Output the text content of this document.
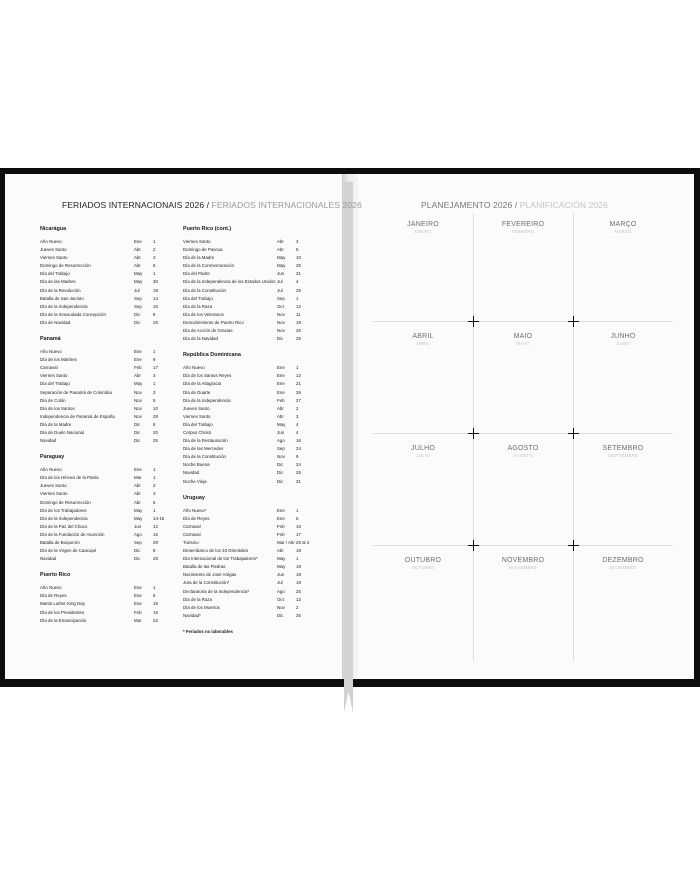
FERIADOS INTERNACIONAIS 2026 / FERIADOS INTERNACIONALES 2026
Nicarágua
Año Nuevo	Ene	1
Jueves Santo	Abr	2
Viernes Santo	Abr	3
Domingo de Resurrección	Abr	5
Día del Trabajo	May	1
Día de las Madres	May	30
Día de la Revolución	Jul	19
Batalla de San Jacinto	Sep	14
Día de la Independencia	Sep	15
Día de la Inmaculada Concepción	Dic	8
Día de Navidad	Dic	25
Panamá
Año Nuevo	Ene	1
Día de los Mártires	Ene	9
Carnaval	Feb	17
Viernes Santo	Abr	3
Día del Trabajo	May	1
Separación de Panamá de Colombia	Nov	3
Día de Colón	Nov	5
Día de los Santos	Nov	10
Independencia de Panamá de España	Nov	28
Día de la Madre	Dic	8
Día de Duelo Nacional	Dic	20
Navidad	Dic	25
Paraguay
Año Nuevo	Ene	1
Día de los Héroes de la Patria	Mar	1
Jueves Santo	Abr	2
Viernes Santo	Abr	3
Domingo de Resurrección	Abr	5
Día de los Trabajadores	May	1
Día de la Independencia	May	14-15
Día de la Paz del Chaco	Jun	12
Día de la Fundación de Asunción	Ago	15
Batalla de Boquerón	Sep	29
Día de la Virgen de Caacupé	Dic	8
Navidad	Dic	25
Puerto Rico
Año Nuevo	Ene	1
Día de Reyes	Ene	6
Martin Luther King Day	Ene	19
Día de los Presidentes	Feb	16
Día de la Emancipación	Mar	22
Puerto Rico (cont.)
Viernes Santo	Abr	3
Domingo de Pascua	Abr	5
Día de la Madre	May	10
Día de la Conmemoración	May	25
Día del Padre	Jun	21
Día de la Independencia de los Estados Unidos Jul	4
Día de la Constitución	Jul	25
Día del Trabajo	Sep	1
Día de la Raza	Oct	12
Día de los Veteranos	Nov	11
Descubrimiento de Puerto Rico	Nov	19
Día de Acción de Gracias	Nov	26
Día de la Navidad	Dic	25
República Dominicana
Año Nuevo	Ene	1
Día de los Santos Reyes	Ene	12
Día de la Altagracia	Ene	21
Día de Duarte	Ene	26
Día de la Independencia	Feb	27
Jueves Santo	Abr	2
Viernes Santo	Abr	3
Día del Trabajo	May	4
Corpus Christi	Jun	4
Día de la Restauración	Ago	16
Día de las Mercedes	Sep	24
Día de la Constitución	Nov	9
Noche Buena	Dic	24
Navidad	Dic	25
Noche Vieja	Dic	31
Uruguay
Año Nuevo*	Ene	1
Día de Reyes	Ene	6
Carnaval	Feb	16
Carnaval	Feb	17
Turismo	Mar / Abr 29 al 4
Desembarco de los 33 Orientales	Abr	19
Día Internacional de los Trabajadores*	May	1
Batalla de las Piedras	May	18
Nacimiento de José Artigas	Jun	19
Jura de la Constitución*	Jul	18
Declaratoria de la Independencia*	Ago	25
Día de la Raza	Oct	12
Día de los Muertos	Nov	2
Navidad*	Dic	25
* Feriados no laborables
PLANEJAMENTO 2026 / PLANIFICACIÓN 2026
JANEIRO
ENERO
FEVEREIRO
FEBRERO
MARÇO
MARZO
ABRIL
ABRIL
MAIO
MAYO
JUNHO
JUNIO
JULHO
JULIO
AGOSTO
AGOSTO
SETEMBRO
SEPTIEMBRE
OUTUBRO
OCTUBRE
NOVEMBRO
NOVIEMBRE
DEZEMBRO
DICIEMBRE
